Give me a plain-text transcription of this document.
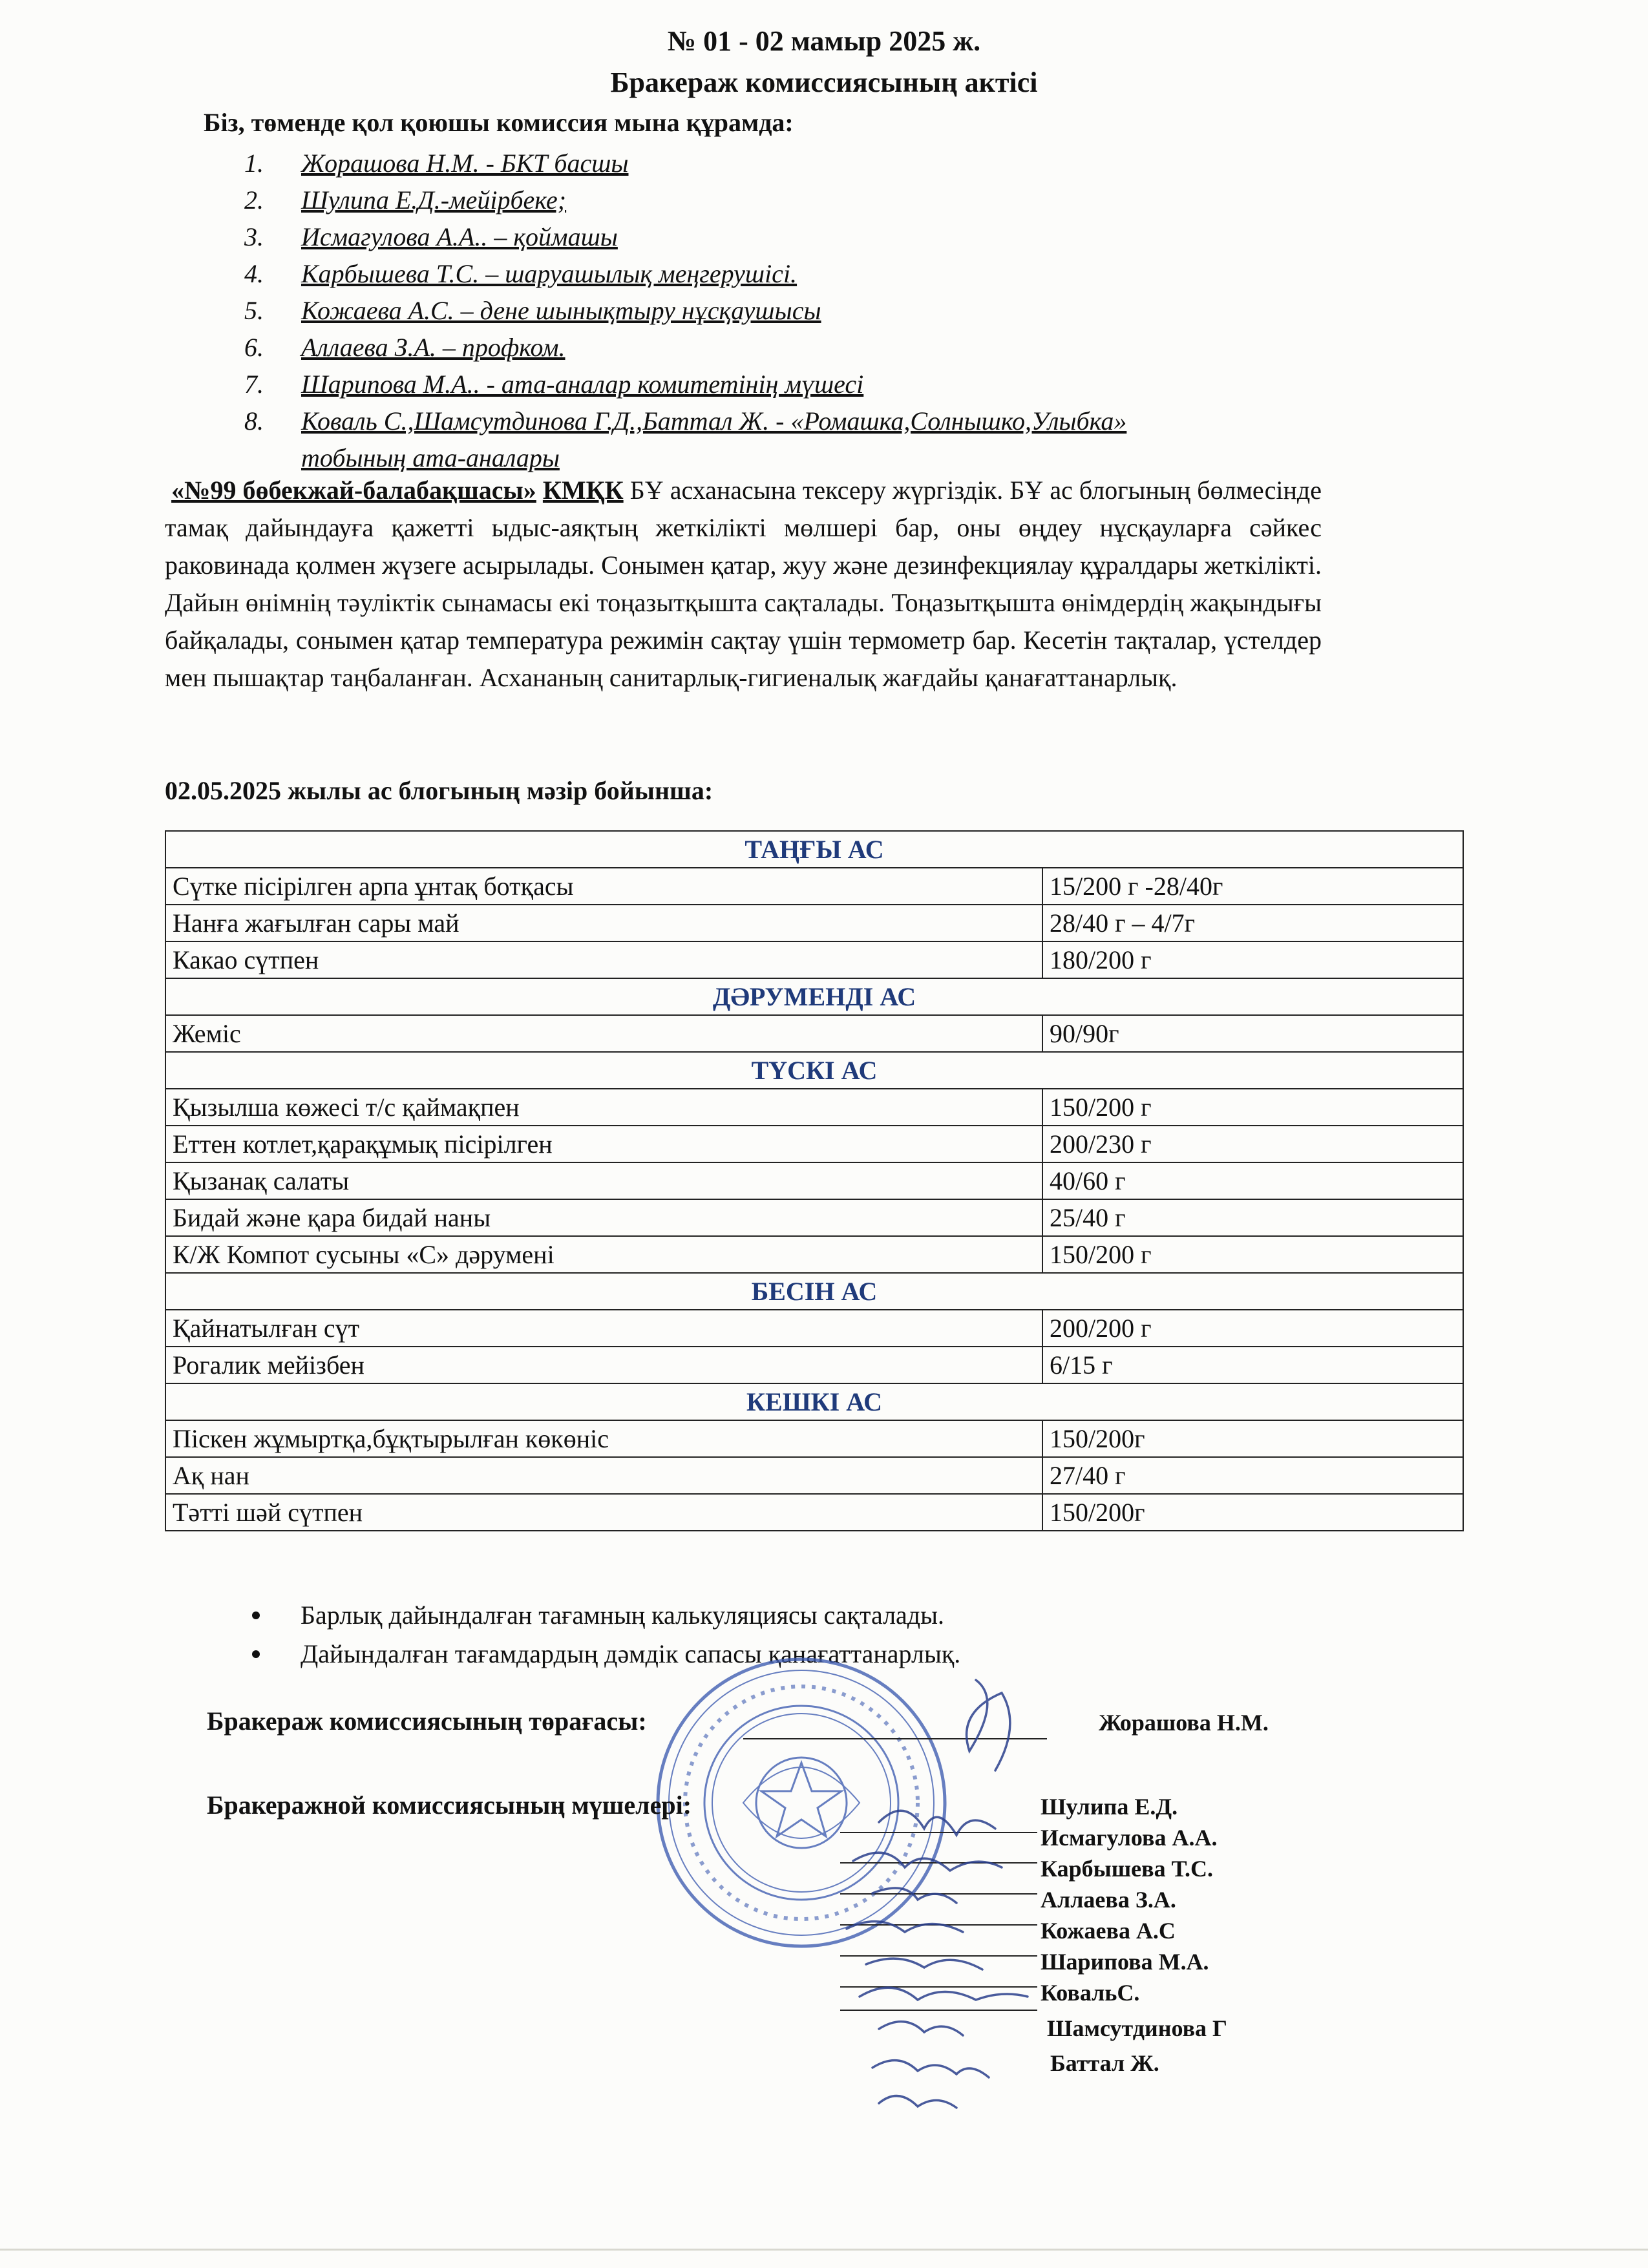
№ 01 - 02 мамыр 2025 ж.
Бракераж комиссиясының актісі
Біз, төменде қол қоюшы комиссия мына құрамда:
1. Жорашова Н.М. - БКТ басшы
2. Шулипа Е.Д.-мейірбеке;
3. Исмагулова А.А.. – қоймашы
4. Карбышева Т.С. – шаруашылық меңгерушісі.
5. Кожаева А.С. – дене шынықтыру нұсқаушысы
6. Аллаева З.А. – профком.
7. Шарипова М.А.. - ата-аналар комитетінің мүшесі
8. Коваль С.,Шамсутдинова Г.Д.,Баттал Ж. - «Ромашка,Солнышко,Улыбка»
тобының ата-аналары

«№99 бөбекжай-балабақшасы» КМҚК БҰ асханасына тексеру жүргіздік. БҰ ас блогының бөлмесінде тамақ дайындауға қажетті ыдыс-аяқтың жеткілікті мөлшері бар, оны өңдеу нұсқауларға сәйкес раковинада қолмен жүзеге асырылады. Сонымен қатар, жуу және дезинфекциялау құралдары жеткілікті. Дайын өнімнің тәуліктік сынамасы екі тоңазытқышта сақталады. Тоңазытқышта өнімдердің жақындығы байқалады, сонымен қатар температура режимін сақтау үшін термометр бар. Кесетін тақталар, үстелдер мен пышақтар таңбаланған. Асхананың санитарлық-гигиеналық жағдайы қанағаттанарлық.

02.05.2025 жылы ас блогының мәзір бойынша:
ТАҢҒЫ АС	
Сүтке пісірілген арпа ұнтақ ботқасы	15/200 г -28/40г
Нанға жағылған сары май	28/40 г – 4/7г
Какао сүтпен	180/200 г
ДӘРУМЕНДІ АС	
Жеміс	90/90г
ТҮСКІ АС	
Қызылша көжесі т/с қаймақпен	150/200 г
Еттен котлет,қарақұмық пісірілген	200/230 г
Қызанақ салаты	40/60 г
Бидай және қара бидай наны	25/40 г
К/Ж Компот сусыны «С» дәрумені	150/200 г
БЕСІН АС	
Қайнатылған сүт	200/200 г
Рогалик мейізбен	6/15 г
КЕШКІ АС	
Піскен жұмыртқа,бұқтырылған көкөніс	150/200г
Ақ нан	27/40 г
Тәтті шәй сүтпен	150/200г
Барлық дайындалған тағамның калькуляциясы сақталады.
Дайындалған тағамдардың дәмдік сапасы қанағаттанарлық.
Бракераж комиссиясының төрағасы:	Жорашова Н.М.
Бракеражной комиссиясының мүшелері:	Шулипа Е.Д.
Исмагулова А.А.
Карбышева Т.С.
Аллаева З.А.
Кожаева А.С
Шарипова М.А.
КовальС.
Шамсутдинова Г
Баттал Ж.
